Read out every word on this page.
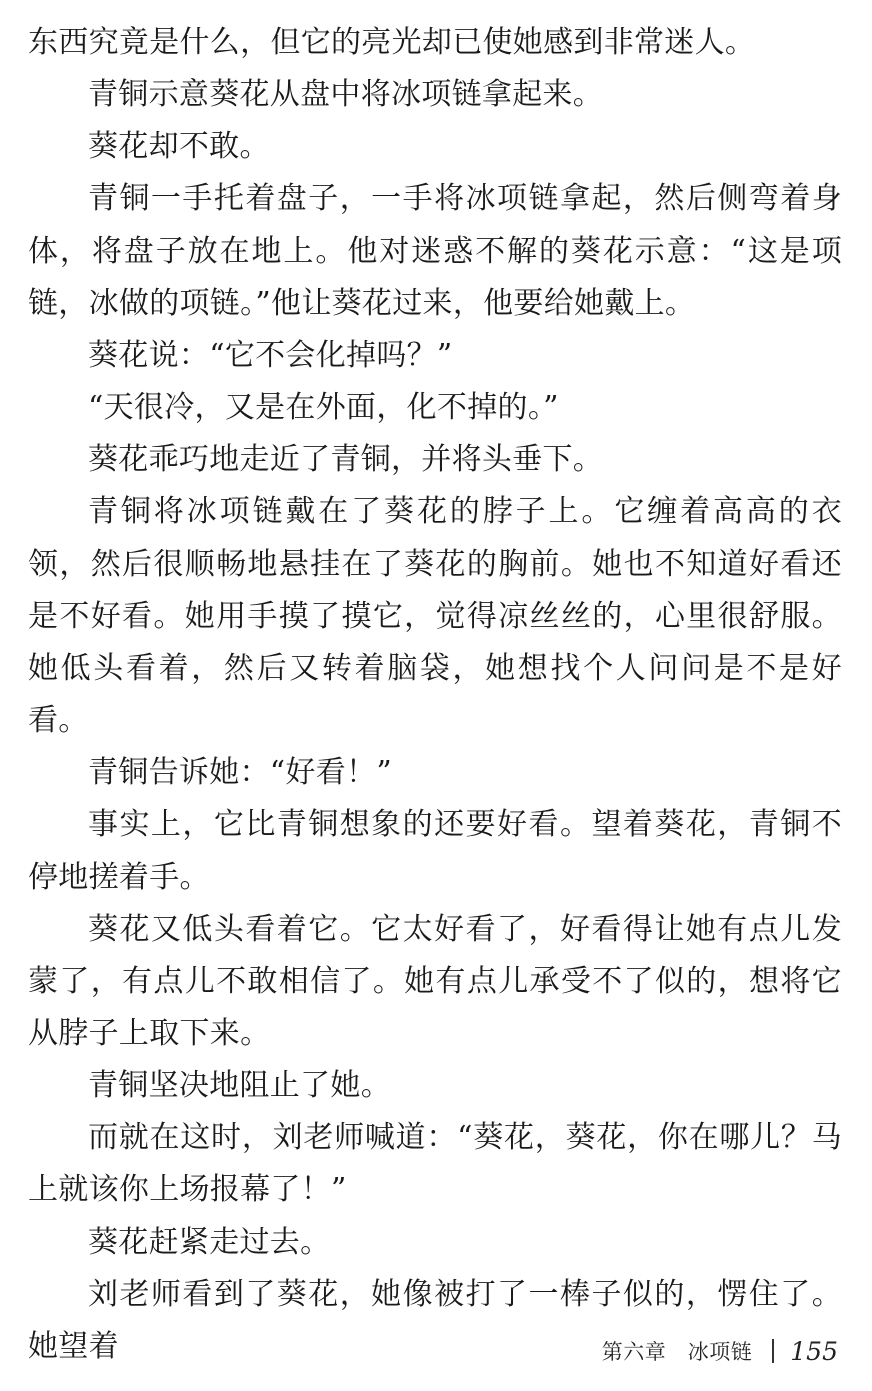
东西究竟是什么，但它的亮光却已使她感到非常迷人。

青铜示意葵花从盘中将冰项链拿起来。

葵花却不敢。

青铜一手托着盘子，一手将冰项链拿起，然后侧弯着身体，将盘子放在地上。他对迷惑不解的葵花示意：“这是项链，冰做的项链。”他让葵花过来，他要给她戴上。

葵花说：“它不会化掉吗？”

“天很冷，又是在外面，化不掉的。”

葵花乖巧地走近了青铜，并将头垂下。

青铜将冰项链戴在了葵花的脖子上。它缠着高高的衣领，然后很顺畅地悬挂在了葵花的胸前。她也不知道好看还是不好看。她用手摸了摸它，觉得凉丝丝的，心里很舒服。她低头看着，然后又转着脑袋，她想找个人问问是不是好看。

青铜告诉她：“好看！”

事实上，它比青铜想象的还要好看。望着葵花，青铜不停地搓着手。

葵花又低头看着它。它太好看了，好看得让她有点儿发蒙了，有点儿不敢相信了。她有点儿承受不了似的，想将它从脖子上取下来。

青铜坚决地阻止了她。

而就在这时，刘老师喊道：“葵花，葵花，你在哪儿？马上就该你上场报幕了！”

葵花赶紧走过去。

刘老师看到了葵花，她像被打了一棒子似的，愣住了。她望着	第六章　冰项链 155
